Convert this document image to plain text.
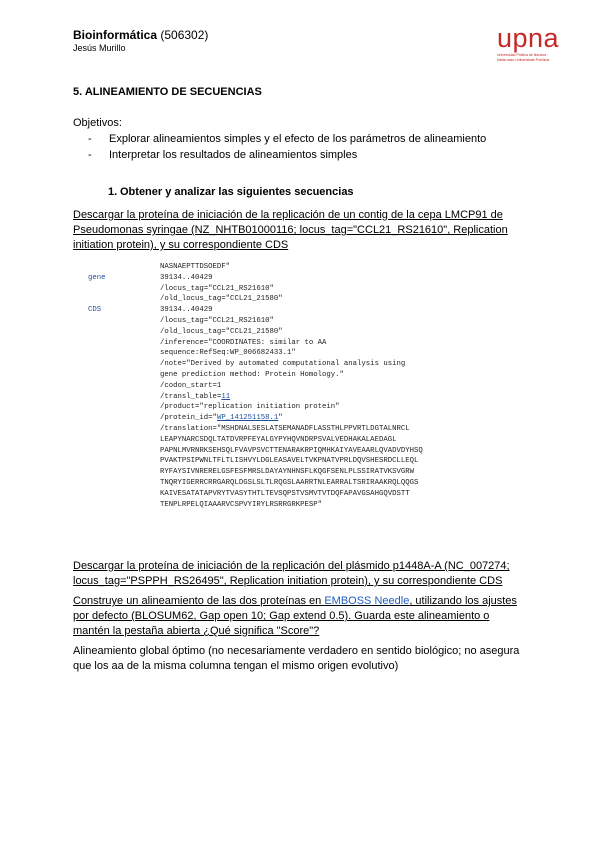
Bioinformática (506302)
Jesús Murillo	upna
Universidad Pública de Navarra · Nafarroako Unibertsitate Publikoa
5. ALINEAMIENTO DE SECUENCIAS
Objetivos:
- Explorar alineamientos simples y el efecto de los parámetros de alineamiento
- Interpretar los resultados de alineamientos simples
1. Obtener y analizar las siguientes secuencias
Descargar la proteína de iniciación de la replicación de un contig de la cepa LMCP91 de Pseudomonas syringae (NZ_NHTB01000116; locus_tag="CCL21_RS21610", Replication initiation protein), y su correspondiente CDS
NASNAEPTTDSOEDF"
gene	39134..40429
/locus_tag="CCL21_RS21610"
/old_locus_tag="CCL21_21580"
CDS	39134..40429
/locus_tag="CCL21_RS21610"
/old_locus_tag="CCL21_21580"
/inference="COORDINATES: similar to AA
sequence:RefSeq:WP_006682433.1"
/note="Derived by automated computational analysis using
gene prediction method: Protein Homology."
/codon_start=1
/transl_table=11
/product="replication initiation protein"
/protein_id="WP_141251158.1"
/translation="MSHDNALSESLATSEMANADFLASSTHLPPVRTLDGTALNRCL
LEAPYNARCSDQLTATDVRPFEYALGYPYHQVNDRPSVALVEDHAKALAEDAGL
PAPNLMVRNRKSEHSQLFVAVPSVCTTENARAKRPIQMHKAIYAVEAARLQVADVDYHSQ
PVAKTPSIPWNLTFLTLISHVYLDGLEASAVELTVKPNATVPRLDQVSHESRDCLLEQL
RYFAYSIVNRERELGSFESFMRSLDAYAYNHNSFLKQGFSENLPLSSIRATVKSVGRW
TNQRYIGERRCRRGARQLDGSLSLTLRQGSLAARRTNLEARRALTSRIRAAKRQLQQGS
KAIVESATATAPVRYTVASYTHTLTEVSQPSTVSMVTVTDQFAPAVGSAHGQVDSTT
TENPLRPELQIAAARVCSPVYIRYLRSRRGRKPESP"
Descargar la proteína de iniciación de la replicación del plásmido p1448A-A (NC_007274; locus_tag="PSPPH_RS26495", Replication initiation protein), y su correspondiente CDS
Construye un alineamiento de las dos proteínas en EMBOSS Needle, utilizando los ajustes por defecto (BLOSUM62, Gap open 10; Gap extend 0.5). Guarda este alineamiento o mantén la pestaña abierta ¿Qué significa "Score"?
Alineamiento global óptimo (no necesariamente verdadero en sentido biológico; no asegura que los aa de la misma columna tengan el mismo origen evolutivo)
